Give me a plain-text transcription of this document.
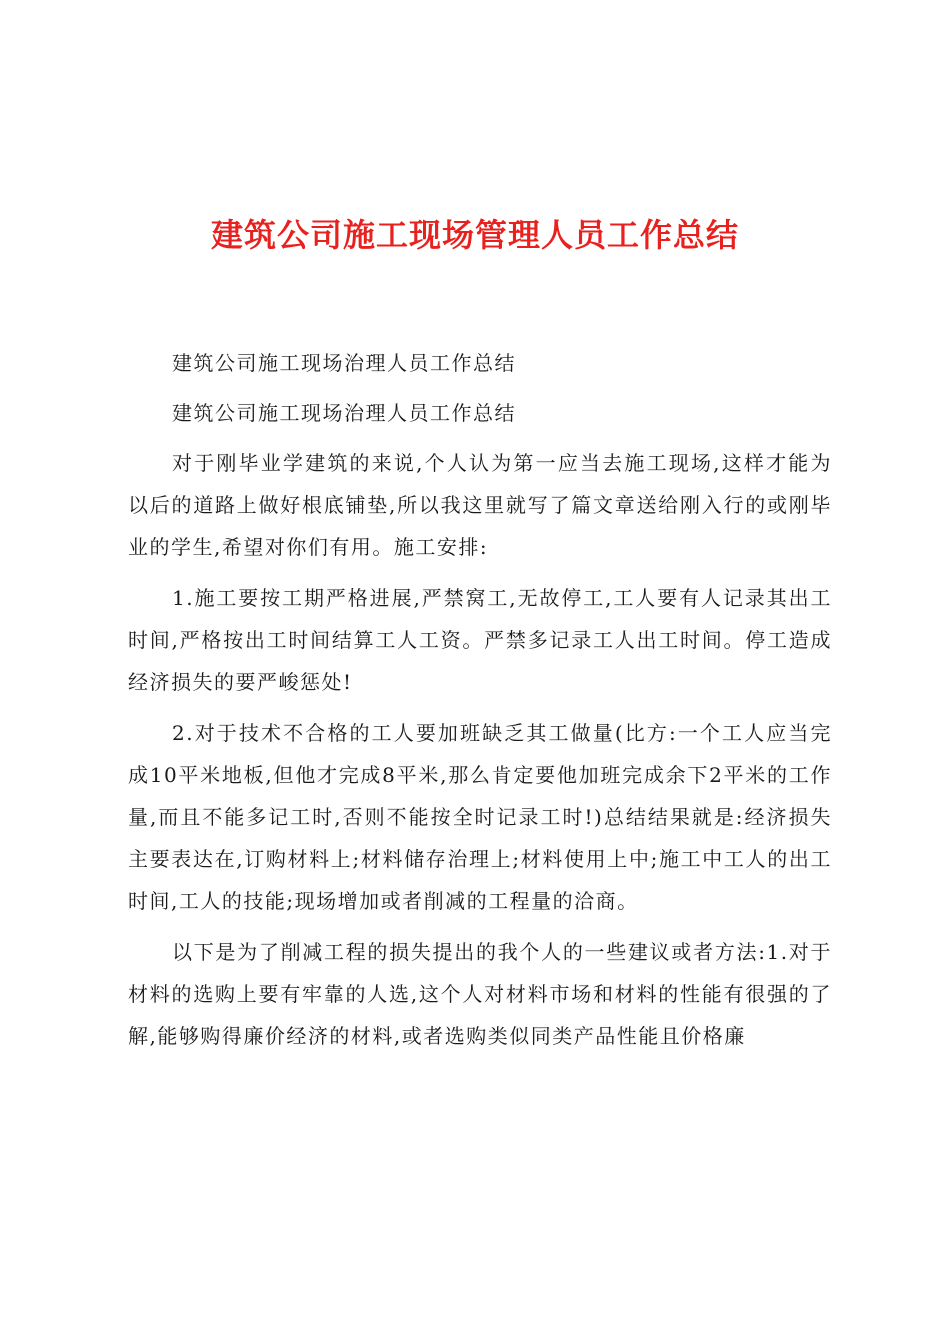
建筑公司施工现场管理人员工作总结

建筑公司施工现场治理人员工作总结

建筑公司施工现场治理人员工作总结

对于刚毕业学建筑的来说,个人认为第一应当去施工现场,这样才能为以后的道路上做好根底铺垫,所以我这里就写了篇文章送给刚入行的或刚毕业的学生,希望对你们有用。施工安排:

1.施工要按工期严格进展,严禁窝工,无故停工,工人要有人记录其出工时间,严格按出工时间结算工人工资。严禁多记录工人出工时间。停工造成经济损失的要严峻惩处!

2.对于技术不合格的工人要加班缺乏其工做量(比方:一个工人应当完成10平米地板,但他才完成8平米,那么肯定要他加班完成余下2平米的工作量,而且不能多记工时,否则不能按全时记录工时!)总结结果就是:经济损失主要表达在,订购材料上;材料储存治理上;材料使用上中;施工中工人的出工时间,工人的技能;现场增加或者削减的工程量的洽商。

以下是为了削减工程的损失提出的我个人的一些建议或者方法:1.对于材料的选购上要有牢靠的人选,这个人对材料市场和材料的性能有很强的了解,能够购得廉价经济的材料,或者选购类似同类产品性能且价格廉
